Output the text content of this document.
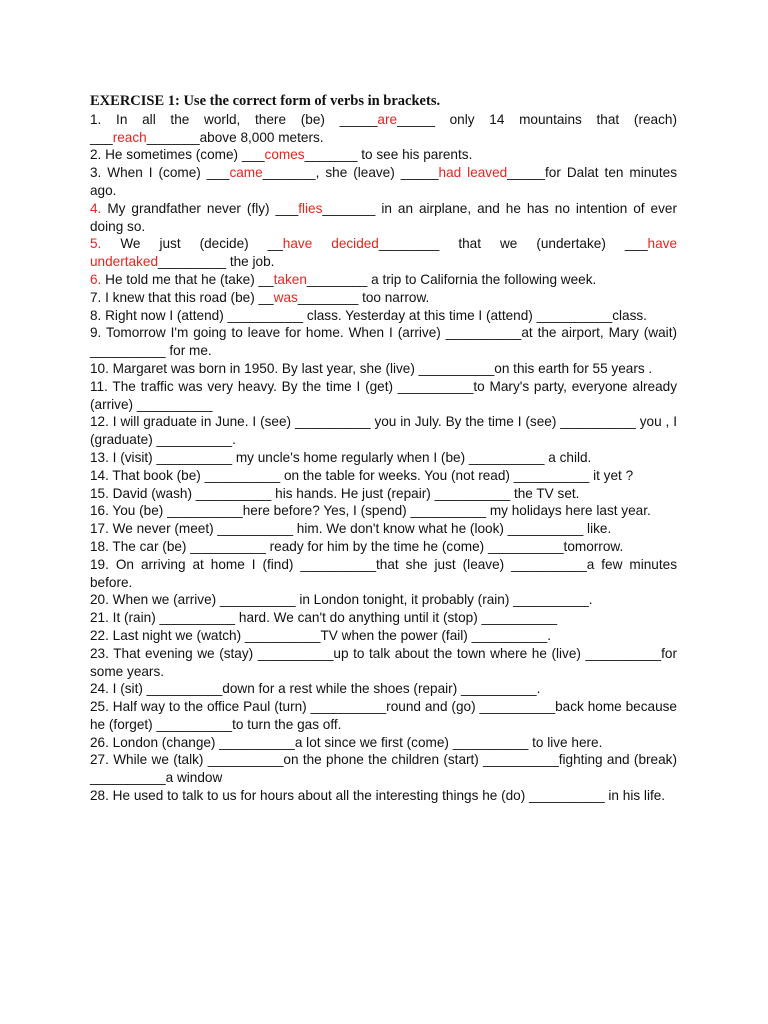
EXERCISE 1: Use the correct form of verbs in brackets.

1. In all the world, there (be) _____are_____ only 14 mountains that (reach) ___reach_______above 8,000 meters.

2. He sometimes (come) ___comes_______ to see his parents.

3. When I (come) ___came_______, she (leave) _____had leaved_____for Dalat ten minutes ago.

4. My grandfather never (fly) ___flies_______ in an airplane, and he has no intention of ever doing so.

5. We just (decide) __have decided________ that we (undertake) ___have undertaked_________ the job.

6. He told me that he (take) __taken________ a trip to California the following week.

7. I knew that this road (be) __was________ too narrow.

8. Right now I (attend) __________ class. Yesterday at this time I (attend) __________class.

9. Tomorrow I'm going to leave for home. When I (arrive) __________at the airport, Mary (wait) __________ for me.

10. Margaret was born in 1950. By last year, she (live) __________on this earth for 55 years .

11. The traffic was very heavy. By the time I (get) __________to Mary's party, everyone already (arrive) __________

12. I will graduate in June. I (see) __________ you in July. By the time I (see) __________ you , I (graduate) __________.

13. I (visit) __________ my uncle's home regularly when I (be) __________ a child.

14. That book (be) __________ on the table for weeks. You (not read) __________ it yet ?

15. David (wash) __________ his hands. He just (repair) __________ the TV set.

16. You (be) __________here before? Yes, I (spend) __________ my holidays here last year.

17. We never (meet) __________ him. We don't know what he (look) __________ like.

18. The car (be) __________ ready for him by the time he (come) __________tomorrow.

19. On arriving at home I (find) __________that she just (leave) __________a few minutes before.

20. When we (arrive) __________ in London tonight, it probably (rain) __________.

21. It (rain) __________ hard. We can't do anything until it (stop) __________

22. Last night we (watch) __________TV when the power (fail) __________.

23. That evening we (stay) __________up to talk about the town where he (live) __________for some years.

24. I (sit) __________down for a rest while the shoes (repair) __________.

25. Half way to the office Paul (turn) __________round and (go) __________back home because he (forget) __________to turn the gas off.

26. London (change) __________a lot since we first (come) __________ to live here.

27. While we (talk) __________on the phone the children (start) __________fighting and (break) __________a window

28. He used to talk to us for hours about all the interesting things he (do) __________ in his life.
